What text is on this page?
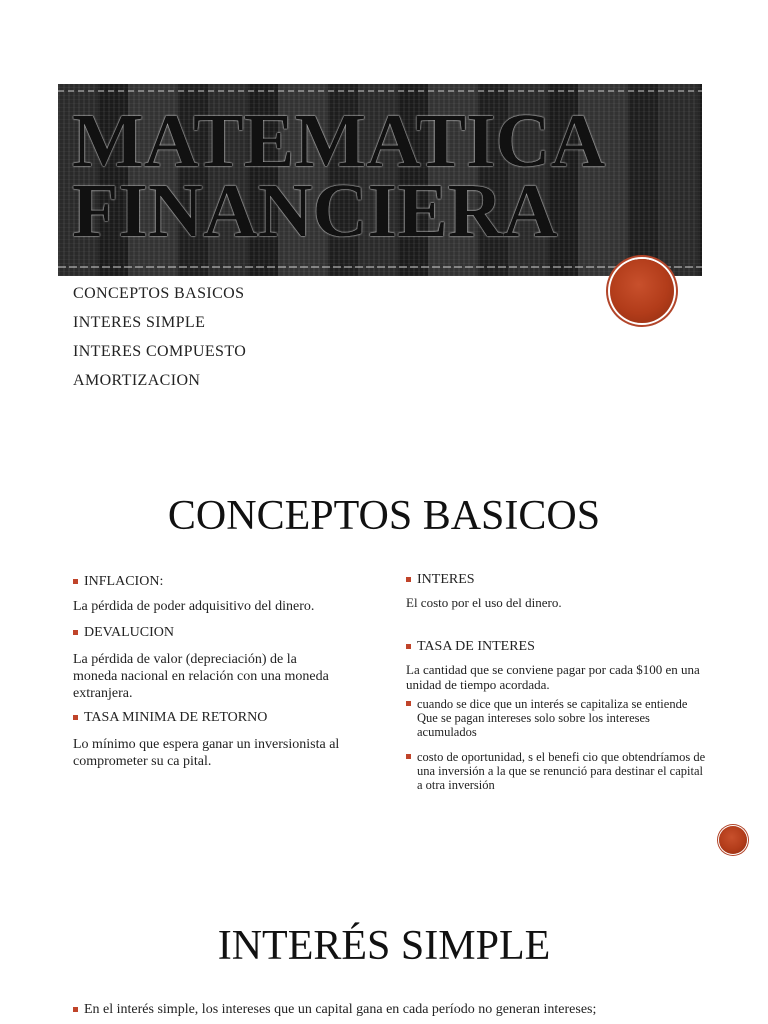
MATEMATICA
FINANCIERA
CONCEPTOS BASICOS
INTERES SIMPLE
INTERES COMPUESTO
AMORTIZACION
CONCEPTOS BASICOS
INFLACION:

La pérdida de poder adquisitivo del dinero.

DEVALUCION

La pérdida de valor (depreciación) de la moneda nacional en relación con una moneda extranjera.

TASA MINIMA DE RETORNO

Lo mínimo que espera ganar un inversionista al comprometer su ca pital.

INTERES

El costo por el uso del dinero.

TASA DE INTERES

La cantidad que se conviene pagar por cada $100 en una unidad de tiempo acordada.

cuando se dice que un interés se capitaliza se entiende Que se pagan intereses solo sobre los intereses acumulados
costo de oportunidad, s el benefi cio que obtendríamos de una inversión a la que se renunció para destinar el capital a otra inversión
INTERÉS SIMPLE
En el interés simple, los intereses que un capital gana en cada período no generan intereses;
